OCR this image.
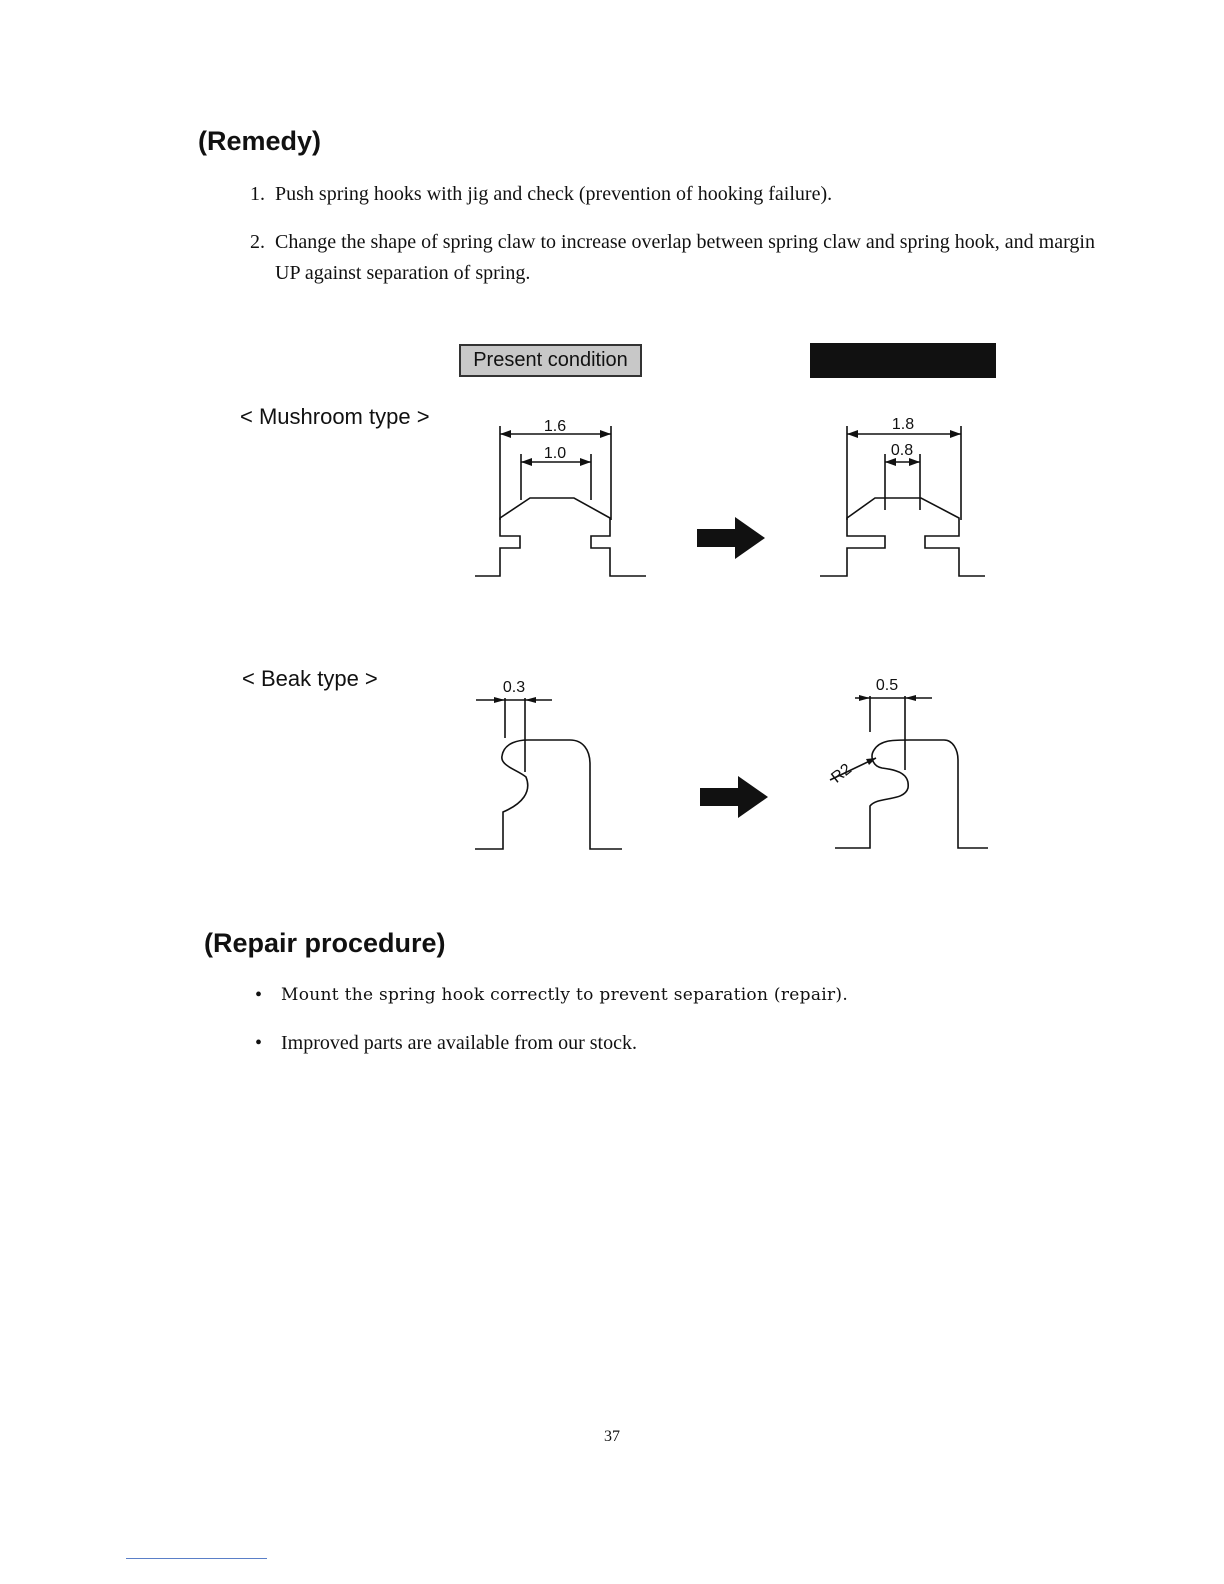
(Remedy)
1. Push spring hooks with jig and check (prevention of hooking failure).
2. Change the shape of spring claw to increase overlap between spring claw and spring hook, and margin UP against separation of spring.
Present condition
< Mushroom type >
< Beak type >
1.6
1.0
1.8
0.8
0.3	0.5
R2
(Repair procedure)
• Mount the spring hook correctly to prevent separation (repair).
• Improved parts are available from our stock.
37
